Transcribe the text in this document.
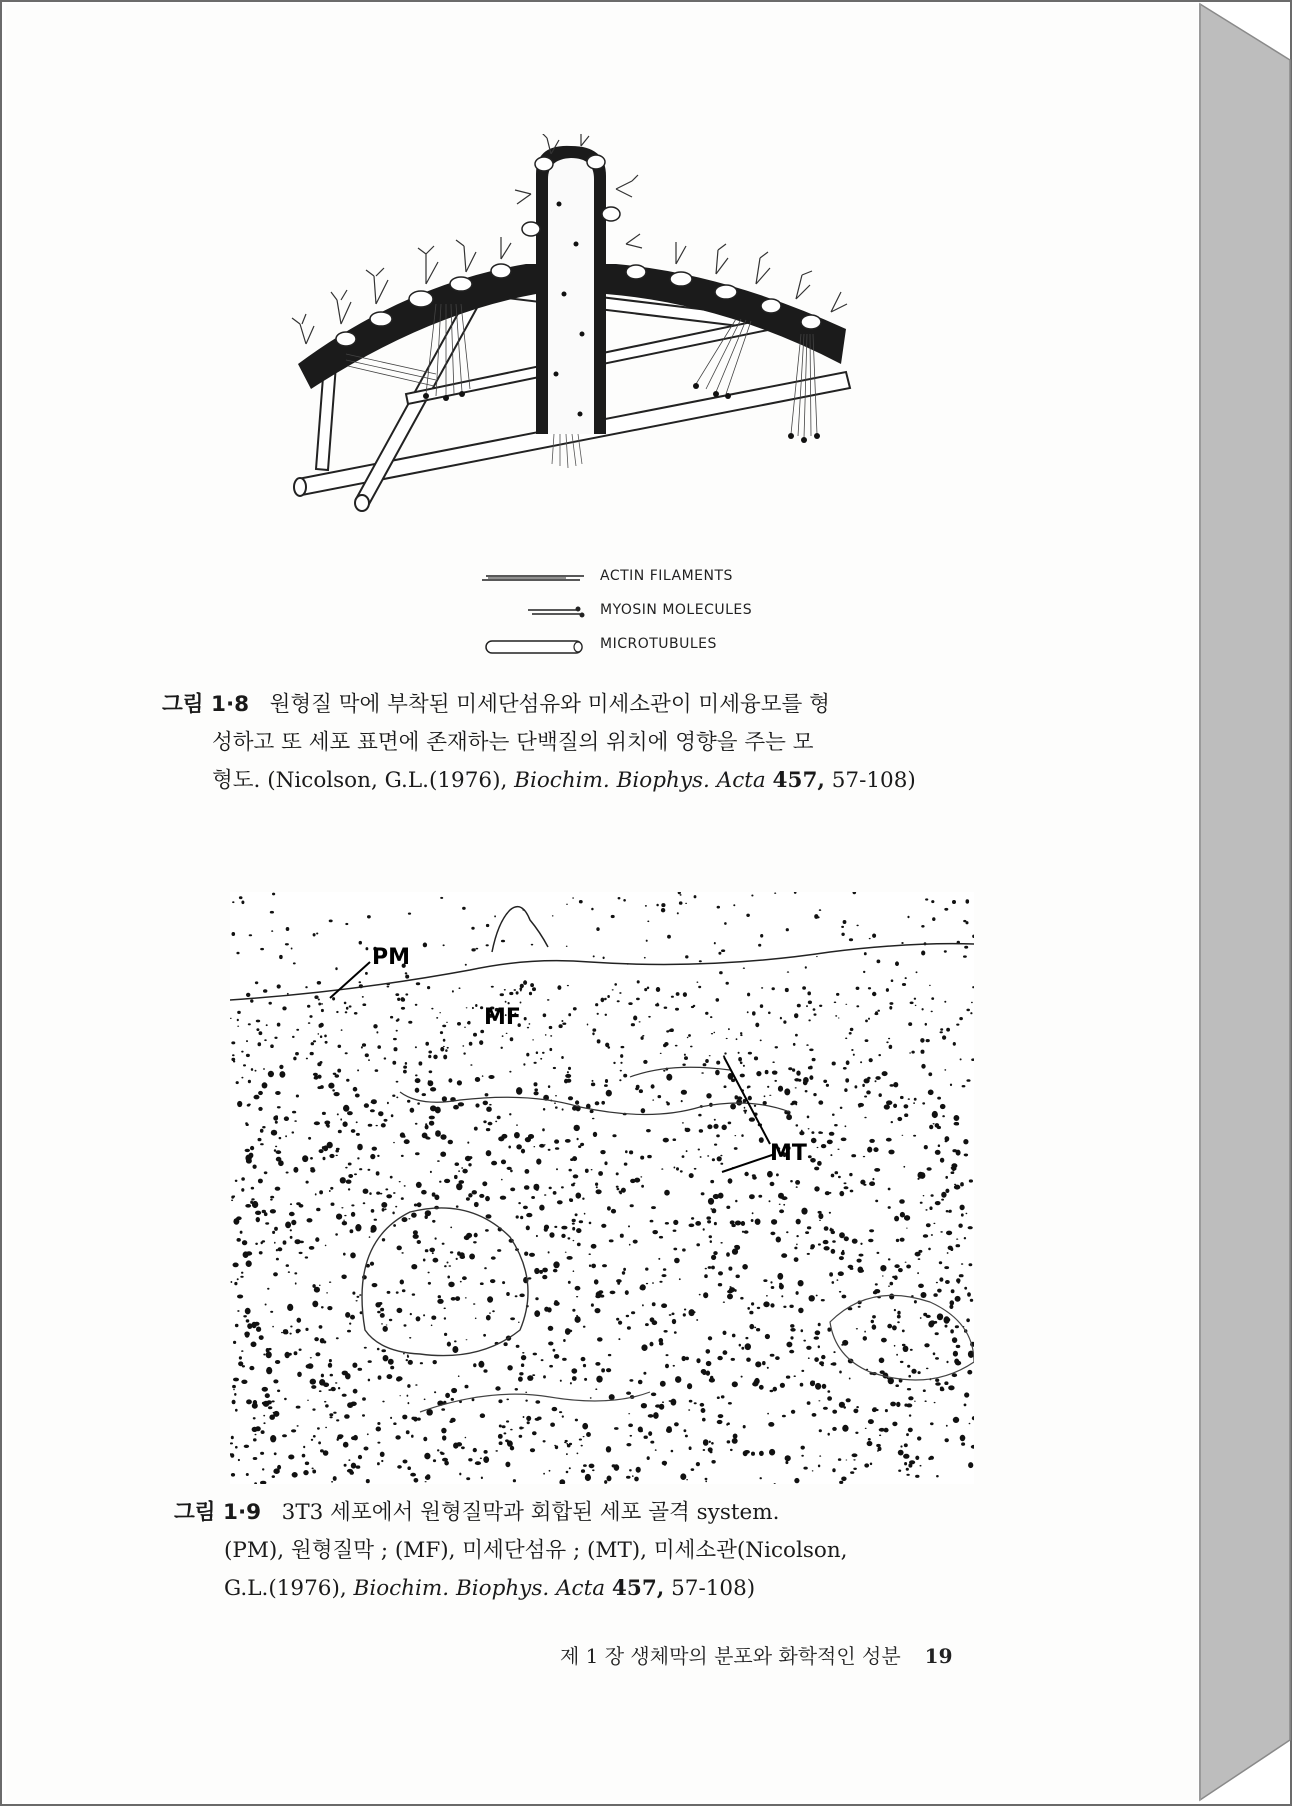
ACTIN FILAMENTS
MYOSIN MOLECULES
MICROTUBULES
그림 1·8 원형질 막에 부착된 미세단섬유와 미세소관이 미세융모를 형
성하고 또 세포 표면에 존재하는 단백질의 위치에 영향을 주는 모
형도. (Nicolson, G.L.(1976), Biochim. Biophys. Acta 457, 57-108)
PM
MF
MT
그림 1·9 3T3 세포에서 원형질막과 회합된 세포 골격 system.
(PM), 원형질막 ; (MF), 미세단섬유 ; (MT), 미세소관(Nicolson,
G.L.(1976), Biochim. Biophys. Acta 457, 57-108)
제 1 장 생체막의 분포와 화학적인 성분 19
